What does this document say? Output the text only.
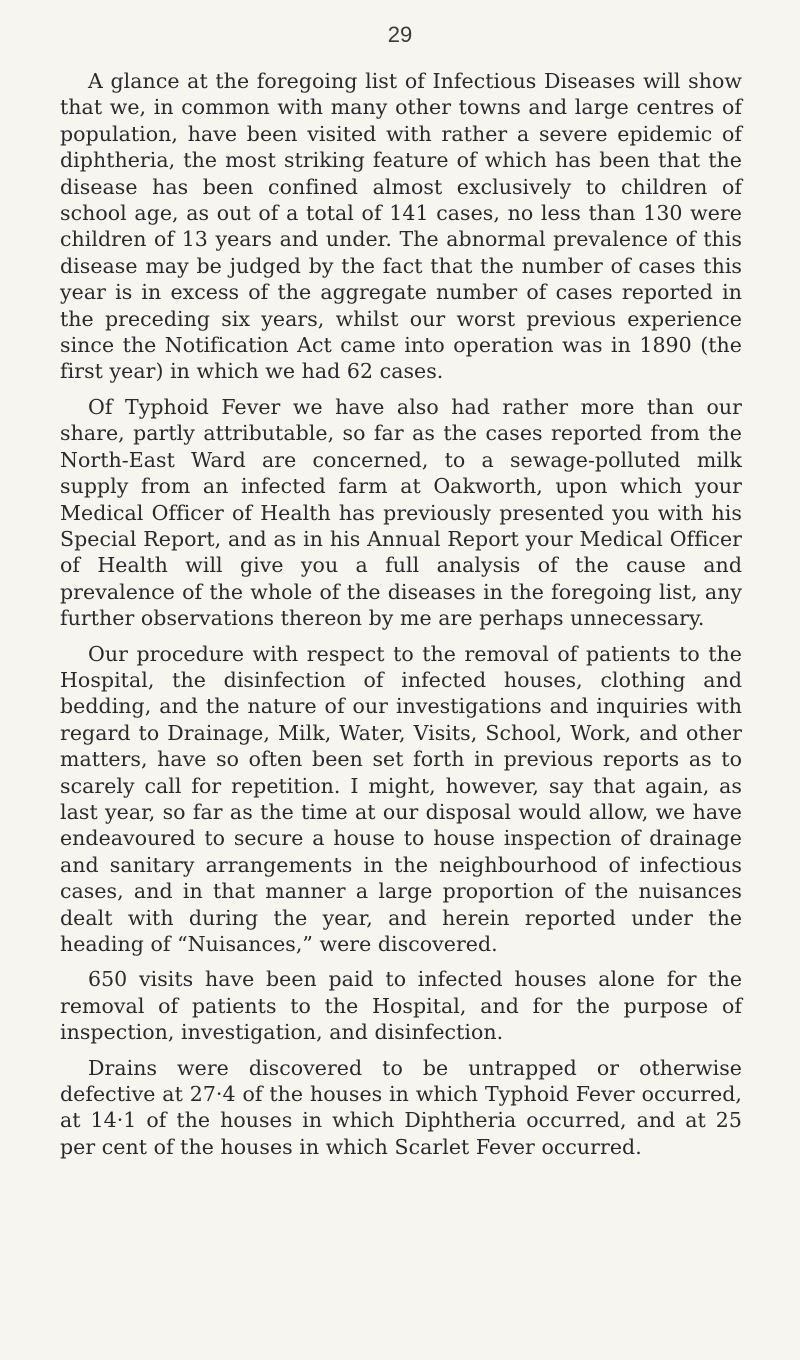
29

A glance at the foregoing list of Infectious Diseases will show that we, in common with many other towns and large centres of population, have been visited with rather a severe epidemic of diphtheria, the most striking feature of which has been that the disease has been confined almost exclusively to children of school age, as out of a total of 141 cases, no less than 130 were children of 13 years and under. The abnormal prevalence of this disease may be judged by the fact that the number of cases this year is in excess of the aggregate number of cases reported in the preceding six years, whilst our worst previous experience since the Notification Act came into operation was in 1890 (the first year) in which we had 62 cases.

Of Typhoid Fever we have also had rather more than our share, partly attributable, so far as the cases reported from the North-East Ward are concerned, to a sewage-polluted milk supply from an infected farm at Oakworth, upon which your Medical Officer of Health has previously presented you with his Special Report, and as in his Annual Report your Medical Officer of Health will give you a full analysis of the cause and prevalence of the whole of the diseases in the foregoing list, any further observations thereon by me are perhaps unnecessary.

Our procedure with respect to the removal of patients to the Hospital, the disinfection of infected houses, clothing and bedding, and the nature of our investigations and inquiries with regard to Drainage, Milk, Water, Visits, School, Work, and other matters, have so often been set forth in previous reports as to scarely call for repetition. I might, however, say that again, as last year, so far as the time at our disposal would allow, we have endeavoured to secure a house to house inspection of drainage and sanitary arrangements in the neighbourhood of infectious cases, and in that manner a large proportion of the nuisances dealt with during the year, and herein reported under the heading of “Nuisances,” were discovered.

650 visits have been paid to infected houses alone for the removal of patients to the Hospital, and for the purpose of inspection, investigation, and disinfection.

Drains were discovered to be untrapped or otherwise defective at 27·4 of the houses in which Typhoid Fever occurred, at 14·1 of the houses in which Diphtheria occurred, and at 25 per cent of the houses in which Scarlet Fever occurred.
